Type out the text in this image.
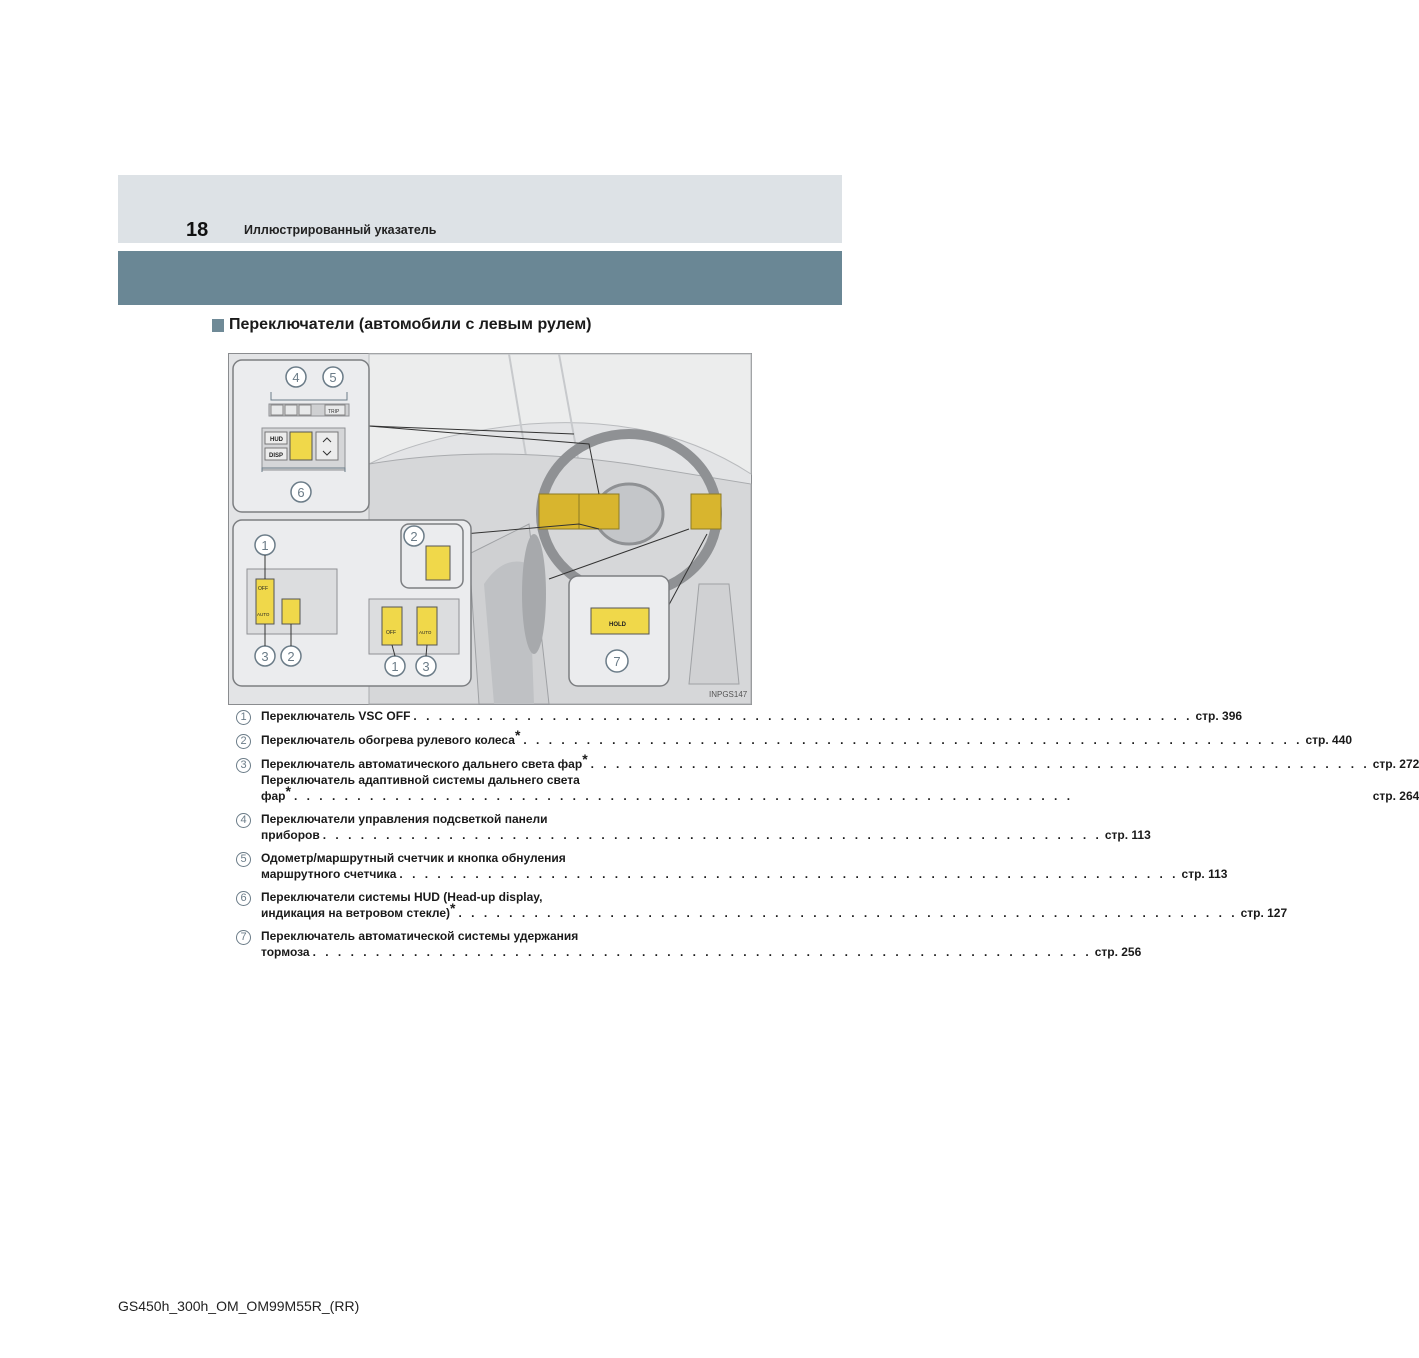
18	Иллюстрированный указатель
Переключатели (автомобили с левым рулем)
INPGS147
TRIP
HUD
DISP
4 5
6
OFF
AUTO
OFF	AUTO
1
3 2
2
1 3
HOLD
7
1	Переключатель VSC OFF . . . . . . . . . . . . . . . . . . . . . . . . . . . . . . . . . . . . . . . . . . . . . . . . . . . . . . . . . . . . . . стр. 396
2	Переключатель обогрева рулевого колеса* . . . . . . . . . . . . . . . . . . . . . . . . . . . . . . . . . . . . . . . . . . . . . . . . . . . . . . . . . . . . . . стр. 440
3	Переключатель автоматического дальнего света фар* . . . . . . . . . . . . . . . . . . . . . . . . . . . . . . . . . . . . . . . . . . . . . . . . . . . . . . . . . . . . . . стр. 272
Переключатель адаптивной системы дальнего света
фар* . . . . . . . . . . . . . . . . . . . . . . . . . . . . . . . . . . . . . . . . . . . . . . . . . . . . . . . . . . . . . .	стр. 264
4	Переключатели управления подсветкой панели
приборов . . . . . . . . . . . . . . . . . . . . . . . . . . . . . . . . . . . . . . . . . . . . . . . . . . . . . . . . . . . . . . стр. 113
5	Одометр/маршрутный счетчик и кнопка обнуления
маршрутного счетчика . . . . . . . . . . . . . . . . . . . . . . . . . . . . . . . . . . . . . . . . . . . . . . . . . . . . . . . . . . . . . . стр. 113
6	Переключатели системы HUD (Head-up display,
индикация на ветровом стекле)* . . . . . . . . . . . . . . . . . . . . . . . . . . . . . . . . . . . . . . . . . . . . . . . . . . . . . . . . . . . . . . стр. 127
7	Переключатель автоматической системы удержания
тормоза . . . . . . . . . . . . . . . . . . . . . . . . . . . . . . . . . . . . . . . . . . . . . . . . . . . . . . . . . . . . . . стр. 256
GS450h_300h_OM_OM99M55R_(RR)
